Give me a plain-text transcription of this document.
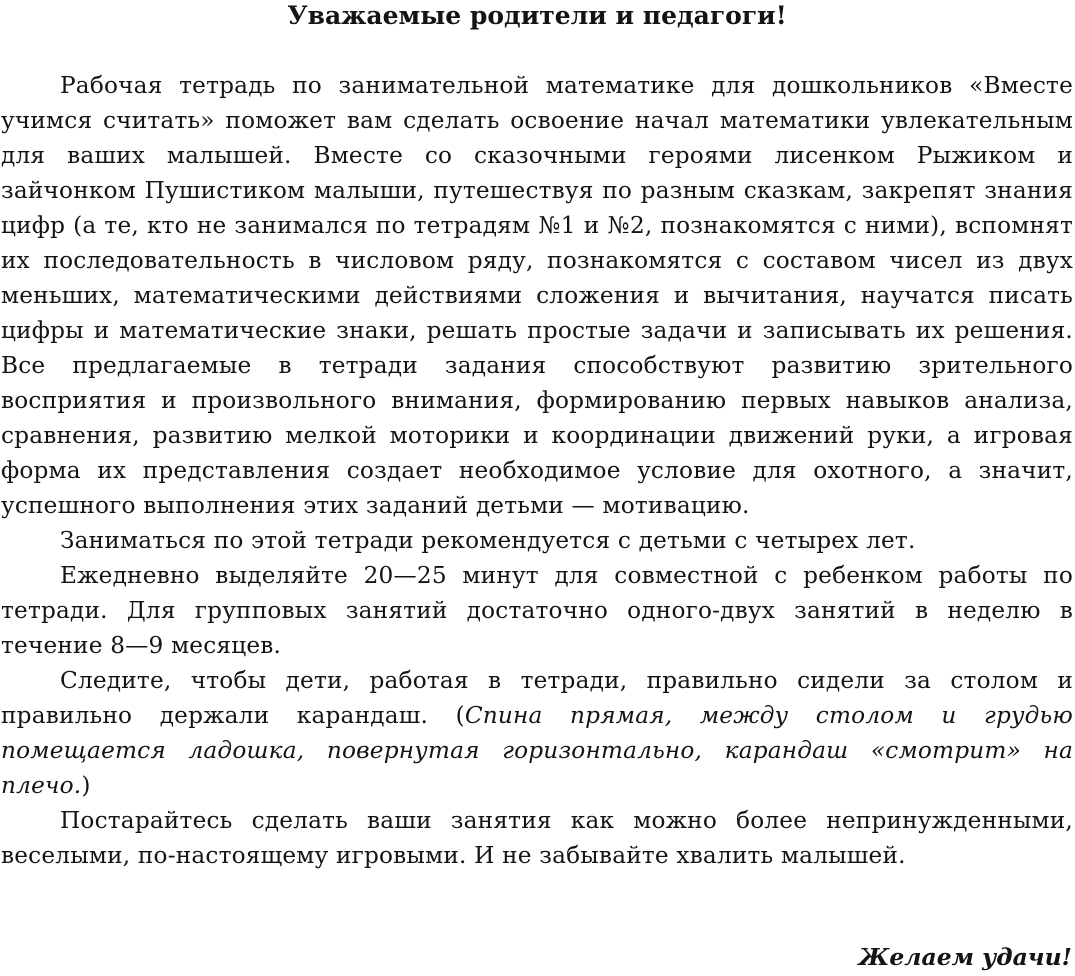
Уважаемые родители и педагоги!

Рабочая тетрадь по занимательной математике для дошкольников «Вместе учимся считать» поможет вам сделать освоение начал математики увлекательным для ваших малышей. Вместе со сказочными героями лисенком Рыжиком и зайчонком Пушистиком малыши, путешествуя по разным сказкам, закрепят знания цифр (а те, кто не занимался по тетрадям №1 и №2, познакомятся с ними), вспомнят их последовательность в числовом ряду, познакомятся с составом чисел из двух меньших, математическими действиями сложения и вычитания, научатся писать цифры и математические знаки, решать простые задачи и записывать их решения. Все предлагаемые в тетради задания способствуют развитию зрительного восприятия и произвольного внимания, формированию первых навыков анализа, сравнения, развитию мелкой моторики и координации движений руки, а игровая форма их представления создает необходимое условие для охотного, а значит, успешного выполнения этих заданий детьми — мотивацию.

Заниматься по этой тетради рекомендуется с детьми с четырех лет.

Ежедневно выделяйте 20—25 минут для совместной с ребенком работы по тетради. Для групповых занятий достаточно одного-двух занятий в неделю в течение 8—9 месяцев.

Следите, чтобы дети, работая в тетради, правильно сидели за столом и правильно держали карандаш. (Спина прямая, между столом и грудью помещается ладошка, повернутая горизонтально, карандаш «смотрит» на плечо.)

Постарайтесь сделать ваши занятия как можно более непринужденными, веселыми, по-настоящему игровыми. И не забывайте хвалить малышей.

Желаем удачи!
